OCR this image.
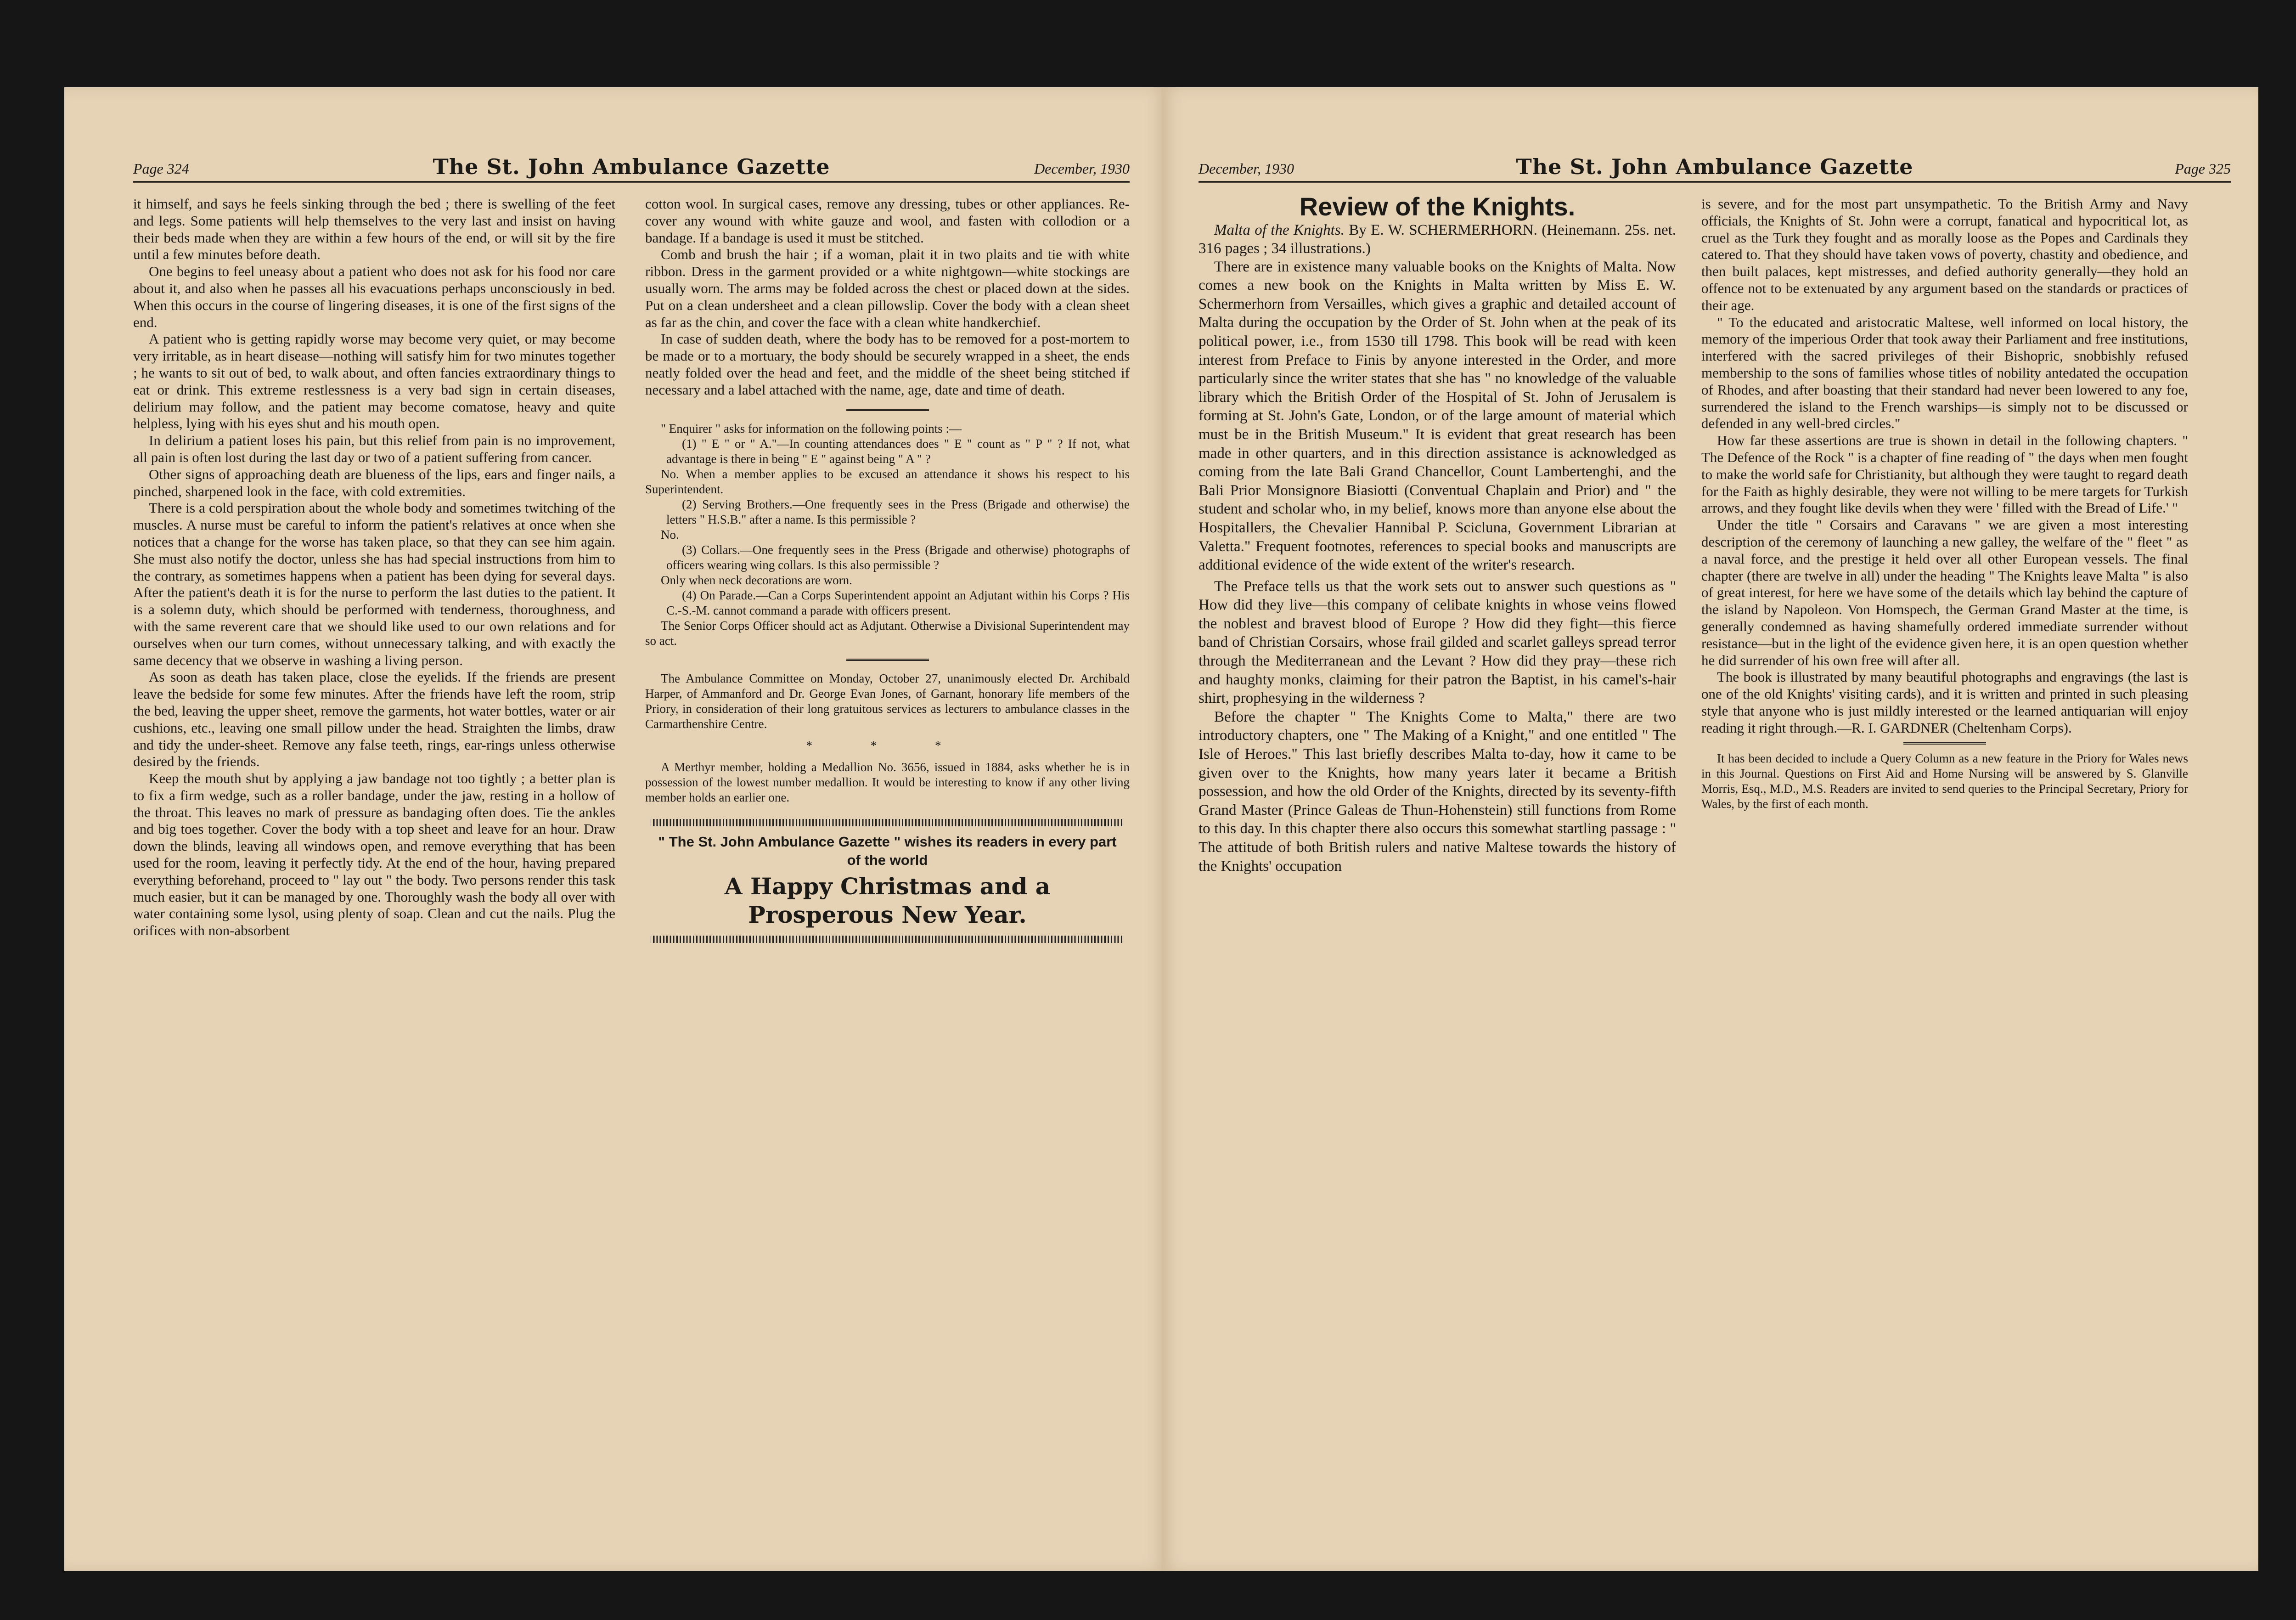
Page 324	The St. John Ambulance Gazette	December, 1930

it himself, and says he feels sinking through the bed ; there is swelling of the feet and legs. Some patients will help themselves to the very last and insist on having their beds made when they are within a few hours of the end, or will sit by the fire until a few minutes before death.

One begins to feel uneasy about a patient who does not ask for his food nor care about it, and also when he passes all his evacuations perhaps unconsciously in bed. When this occurs in the course of lingering diseases, it is one of the first signs of the end.

A patient who is getting rapidly worse may become very quiet, or may become very irritable, as in heart disease—nothing will satisfy him for two minutes together ; he wants to sit out of bed, to walk about, and often fancies extraordinary things to eat or drink. This extreme restlessness is a very bad sign in certain diseases, delirium may follow, and the patient may become comatose, heavy and quite helpless, lying with his eyes shut and his mouth open.

In delirium a patient loses his pain, but this relief from pain is no improvement, all pain is often lost during the last day or two of a patient suffering from cancer.

Other signs of approaching death are blueness of the lips, ears and finger nails, a pinched, sharpened look in the face, with cold extremities.

There is a cold perspiration about the whole body and sometimes twitching of the muscles. A nurse must be careful to inform the patient's relatives at once when she notices that a change for the worse has taken place, so that they can see him again. She must also notify the doctor, unless she has had special instructions from him to the contrary, as sometimes happens when a patient has been dying for several days. After the patient's death it is for the nurse to perform the last duties to the patient. It is a solemn duty, which should be performed with tenderness, thoroughness, and with the same reverent care that we should like used to our own relations and for ourselves when our turn comes, without unnecessary talking, and with exactly the same decency that we observe in washing a living person.

As soon as death has taken place, close the eyelids. If the friends are present leave the bedside for some few minutes. After the friends have left the room, strip the bed, leaving the upper sheet, remove the garments, hot water bottles, water or air cushions, etc., leaving one small pillow under the head. Straighten the limbs, draw and tidy the under-sheet. Remove any false teeth, rings, ear-rings unless otherwise desired by the friends.

Keep the mouth shut by applying a jaw bandage not too tightly ; a better plan is to fix a firm wedge, such as a roller bandage, under the jaw, resting in a hollow of the throat. This leaves no mark of pressure as bandaging often does. Tie the ankles and big toes together. Cover the body with a top sheet and leave for an hour. Draw down the blinds, leaving all windows open, and remove everything that has been used for the room, leaving it perfectly tidy. At the end of the hour, having prepared everything beforehand, proceed to " lay out " the body. Two persons render this task much easier, but it can be managed by one. Thoroughly wash the body all over with water containing some lysol, using plenty of soap. Clean and cut the nails. Plug the orifices with non-absorbent

cotton wool. In surgical cases, remove any dressing, tubes or other appliances. Re-cover any wound with white gauze and wool, and fasten with collodion or a bandage. If a bandage is used it must be stitched.

Comb and brush the hair ; if a woman, plait it in two plaits and tie with white ribbon. Dress in the garment provided or a white nightgown—white stockings are usually worn. The arms may be folded across the chest or placed down at the sides. Put on a clean undersheet and a clean pillowslip. Cover the body with a clean sheet as far as the chin, and cover the face with a clean white handkerchief.

In case of sudden death, where the body has to be removed for a post-mortem to be made or to a mortuary, the body should be securely wrapped in a sheet, the ends neatly folded over the head and feet, and the middle of the sheet being stitched if necessary and a label attached with the name, age, date and time of death.

" Enquirer " asks for information on the following points :—

(1) " E " or " A."—In counting attendances does " E " count as " P " ? If not, what advantage is there in being " E " against being " A " ?

No. When a member applies to be excused an attendance it shows his respect to his Superintendent.

(2) Serving Brothers.—One frequently sees in the Press (Brigade and otherwise) the letters " H.S.B." after a name. Is this permissible ?

No.

(3) Collars.—One frequently sees in the Press (Brigade and otherwise) photographs of officers wearing wing collars. Is this also permissible ?

Only when neck decorations are worn.

(4) On Parade.—Can a Corps Superintendent appoint an Adjutant within his Corps ? His C.-S.-M. cannot command a parade with officers present.

The Senior Corps Officer should act as Adjutant. Otherwise a Divisional Superintendent may so act.

The Ambulance Committee on Monday, October 27, unanimously elected Dr. Archibald Harper, of Ammanford and Dr. George Evan Jones, of Garnant, honorary life members of the Priory, in consideration of their long gratuitous services as lecturers to ambulance classes in the Carmarthenshire Centre.

* * *

A Merthyr member, holding a Medallion No. 3656, issued in 1884, asks whether he is in possession of the lowest number medallion. It would be interesting to know if any other living member holds an earlier one.

" The St. John Ambulance Gazette " wishes its readers in every part of the world
A Happy Christmas and a Prosperous New Year.
December, 1930	The St. John Ambulance Gazette	Page 325
Review of the Knights.

Malta of the Knights. By E. W. SCHERMERHORN. (Heinemann. 25s. net. 316 pages ; 34 illustrations.)

There are in existence many valuable books on the Knights of Malta. Now comes a new book on the Knights in Malta written by Miss E. W. Schermerhorn from Versailles, which gives a graphic and detailed account of Malta during the occupation by the Order of St. John when at the peak of its political power, i.e., from 1530 till 1798. This book will be read with keen interest from Preface to Finis by anyone interested in the Order, and more particularly since the writer states that she has " no knowledge of the valuable library which the British Order of the Hospital of St. John of Jerusalem is forming at St. John's Gate, London, or of the large amount of material which must be in the British Museum." It is evident that great research has been made in other quarters, and in this direction assistance is acknowledged as coming from the late Bali Grand Chancellor, Count Lambertenghi, and the Bali Prior Monsignore Biasiotti (Conventual Chaplain and Prior) and " the student and scholar who, in my belief, knows more than anyone else about the Hospitallers, the Chevalier Hannibal P. Scicluna, Government Librarian at Valetta." Frequent footnotes, references to special books and manuscripts are additional evidence of the wide extent of the writer's research.

The Preface tells us that the work sets out to answer such questions as " How did they live—this company of celibate knights in whose veins flowed the noblest and bravest blood of Europe ? How did they fight—this fierce band of Christian Corsairs, whose frail gilded and scarlet galleys spread terror through the Mediterranean and the Levant ? How did they pray—these rich and haughty monks, claiming for their patron the Baptist, in his camel's-hair shirt, prophesying in the wilderness ?

Before the chapter " The Knights Come to Malta," there are two introductory chapters, one " The Making of a Knight," and one entitled " The Isle of Heroes." This last briefly describes Malta to-day, how it came to be given over to the Knights, how many years later it became a British possession, and how the old Order of the Knights, directed by its seventy-fifth Grand Master (Prince Galeas de Thun-Hohenstein) still functions from Rome to this day. In this chapter there also occurs this somewhat startling passage : " The attitude of both British rulers and native Maltese towards the history of the Knights' occupation

is severe, and for the most part unsympathetic. To the British Army and Navy officials, the Knights of St. John were a corrupt, fanatical and hypocritical lot, as cruel as the Turk they fought and as morally loose as the Popes and Cardinals they catered to. That they should have taken vows of poverty, chastity and obedience, and then built palaces, kept mistresses, and defied authority generally—they hold an offence not to be extenuated by any argument based on the standards or practices of their age.

" To the educated and aristocratic Maltese, well informed on local history, the memory of the imperious Order that took away their Parliament and free institutions, interfered with the sacred privileges of their Bishopric, snobbishly refused membership to the sons of families whose titles of nobility antedated the occupation of Rhodes, and after boasting that their standard had never been lowered to any foe, surrendered the island to the French warships—is simply not to be discussed or defended in any well-bred circles."

How far these assertions are true is shown in detail in the following chapters. " The Defence of the Rock " is a chapter of fine reading of " the days when men fought to make the world safe for Christianity, but although they were taught to regard death for the Faith as highly desirable, they were not willing to be mere targets for Turkish arrows, and they fought like devils when they were ' filled with the Bread of Life.' "

Under the title " Corsairs and Caravans " we are given a most interesting description of the ceremony of launching a new galley, the welfare of the " fleet " as a naval force, and the prestige it held over all other European vessels. The final chapter (there are twelve in all) under the heading " The Knights leave Malta " is also of great interest, for here we have some of the details which lay behind the capture of the island by Napoleon. Von Homspech, the German Grand Master at the time, is generally condemned as having shamefully ordered immediate surrender without resistance—but in the light of the evidence given here, it is an open question whether he did surrender of his own free will after all.

The book is illustrated by many beautiful photographs and engravings (the last is one of the old Knights' visiting cards), and it is written and printed in such pleasing style that anyone who is just mildly interested or the learned antiquarian will enjoy reading it right through.—R. I. GARDNER (Cheltenham Corps).

It has been decided to include a Query Column as a new feature in the Priory for Wales news in this Journal. Questions on First Aid and Home Nursing will be answered by S. Glanville Morris, Esq., M.D., M.S. Readers are invited to send queries to the Principal Secretary, Priory for Wales, by the first of each month.
